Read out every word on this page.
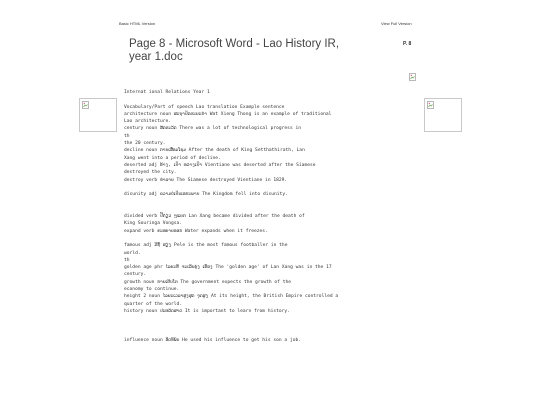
Basic HTML Version	View Full Version
Page 8 - Microsoft Word - Lao History IR, year 1.doc
P. 8
Internat ional Relations Year 1
Vocabulary/Part of speech Lao translation Example sentence
architecture noun ສະຖາປັດຕະຍະກຳ Wat Xieng Thong is an example of traditional
Lao architecture.
century noun ສັດຕະວັດ There was a lot of technological progress in
th
the 20 century.
decline noun ການເສື່ອມໂຊມ After the death of King Setthathirath, Lan
Xang went into a period of decline.
deserted adj ຮ້າງ, ເປົ່າ ຫວ່າງເປົ່າ Vientiane was deserted after the Siamese
destroyed the city.
destroy verb ທໍາລາຍ The Siamese destroyed Vientiane in 1829.
disunity adj ຄວາມບໍ່ເປັນເອກະພາບ The Kingdom fell into disunity.
divided verb ປີ້ກ່ຽວ ໆແຍກ Lan Xang became divided after the death of
King Souringa Vongsa.
expand verb ຂະຫຍາຍອອກ Water expands when it freezes.
famous adj ມີຊື່ ສຽງ Pele is the most famous footballer in the
world.
th
golden age phr ໄລຍະທີ່ ຈະເລີນຮຸ່ງ ເຮືອງ The 'golden age' of Lan Xang was in the 17
century.
growth noun ການເຕີບໂຕ The government expects the growth of the
economy to continue.
height 2 noun ໄລຍະເວລາສູງສຸດ ຈຸດສູງ At its height, the British Empire controlled a
quarter of the world.
history noun ປະຫວັດສາດ It is important to learn from history.
influence noun ອິດທິພົນ He used his influence to get his son a job.
